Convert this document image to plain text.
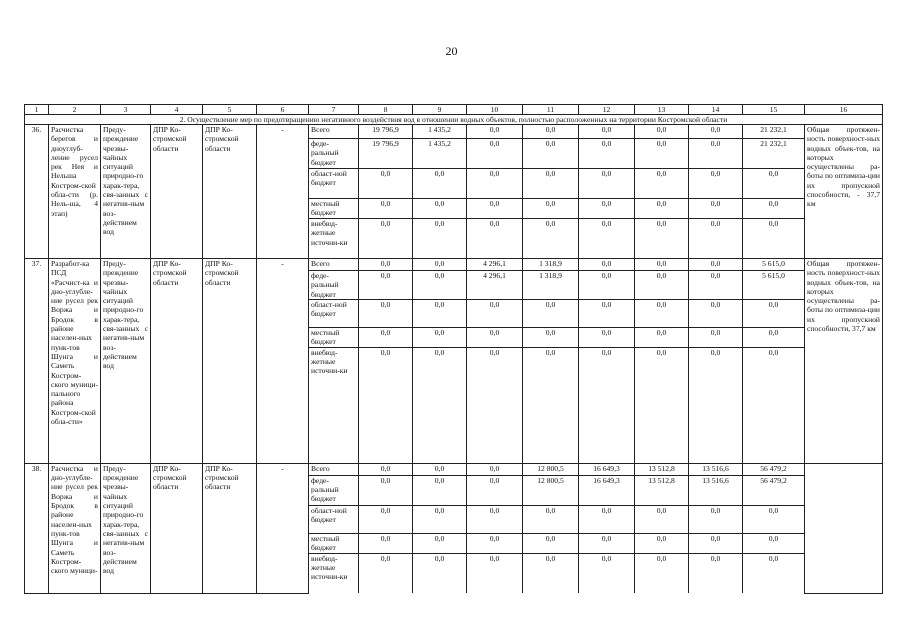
20
1	2	3	4	5	6	7	8	9	10	11	12	13	14	15	16
2. Осуществление мер по предотвращению негативного воздействия вод в отношении водных объектов, полностью расположенных на территории Костромской области															
36.	Расчистка берегов и дноуглуб-ление русел рек Нея и Нельша Костром-ской обла-сти (р. Нель-ша, 4 этап)	Преду-преждение чрезвы-чайных ситуаций природно-го харак-тера, свя-занных с негатив-ным воз-действием вод	ДПР Ко-стромской области	ДПР Ко-стромской области	-	Всего	19 796,9	1 435,2	0,0	0,0	0,0	0,0	0,0	21 232,1	Общая протяжен-ность поверхност-ных водных объек-тов, на которых осуществлены ра-боты по оптимиза-ции их пропускной способности, - 37,7 км
						феде-ральный бюджет	19 796,9	1 435,2	0,0	0,0	0,0	0,0	0,0	21 232,1	
						област-ной бюджет	0,0	0,0	0,0	0,0	0,0	0,0	0,0	0,0	
						местный бюджет	0,0	0,0	0,0	0,0	0,0	0,0	0,0	0,0	
						внебюд-жетные источни-ки	0,0	0,0	0,0	0,0	0,0	0,0	0,0	0,0	
37.	Разработ-ка ПСД «Расчист-ка и дно-углубле-ние русел рек Воржа и Бродок в районе населен-ных пунк-тов Шунга и Саметь Костром-ского муници-пального района Костром-ской обла-сти»	Преду-преждение чрезвы-чайных ситуаций природно-го харак-тера, свя-занных с негатив-ным воз-действием вод	ДПР Ко-стромской области	ДПР Ко-стромской области	-	Всего	0,0	0,0	4 296,1	1 318,9	0,0	0,0	0,0	5 615,0	Общая протяжен-ность поверхност-ных водных объек-тов, на которых осуществлены ра-боты по оптимиза-ции их пропускной способности, 37,7 км
						феде-ральный бюджет	0,0	0,0	4 296,1	1 318,9	0,0	0,0	0,0	5 615,0	
						област-ной бюджет	0,0	0,0	0,0	0,0	0,0	0,0	0,0	0,0	
						местный бюджет	0,0	0,0	0,0	0,0	0,0	0,0	0,0	0,0	
						внебюд-жетные источни-ки	0,0	0,0	0,0	0,0	0,0	0,0	0,0	0,0	
38.	Расчистка и дно-углубле-ние русел рек Воржа и Бродок в районе населен-ных пунк-тов Шунга и Саметь Костром-ского муници-	Преду-преждение чрезвы-чайных ситуаций природно-го харак-тера, свя-занных с негатив-ным воз-действием вод	ДПР Ко-стромской области	ДПР Ко-стромской области	-	Всего	0,0	0,0	0,0	12 800,5	16 649,3	13 512,8	13 516,6	56 479,2	
						феде-ральный бюджет	0,0	0,0	0,0	12 800,5	16 649,3	13 512,8	13 516,6	56 479,2	
						област-ной бюджет	0,0	0,0	0,0	0,0	0,0	0,0	0,0	0,0	
						местный бюджет	0,0	0,0	0,0	0,0	0,0	0,0	0,0	0,0	
						внебюд-жетные источни-ки	0,0	0,0	0,0	0,0	0,0	0,0	0,0	0,0	
